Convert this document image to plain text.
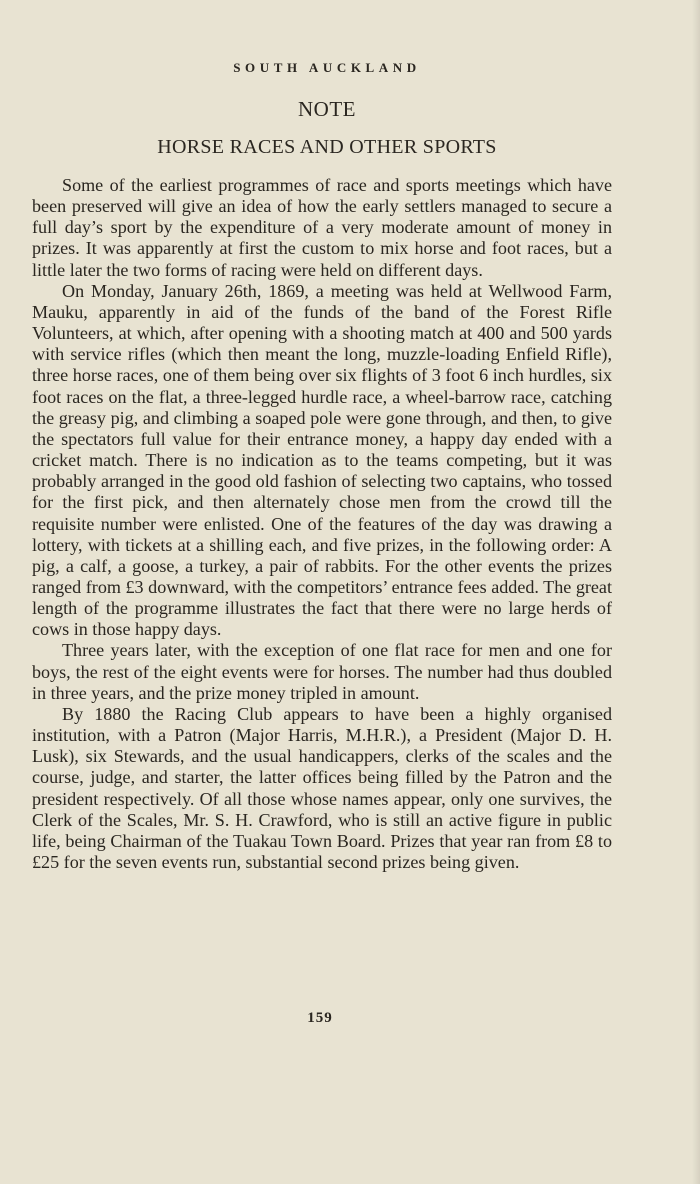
SOUTH AUCKLAND
NOTE
HORSE RACES AND OTHER SPORTS

Some of the earliest programmes of race and sports meetings which have been preserved will give an idea of how the early settlers managed to secure a full day’s sport by the expenditure of a very moderate amount of money in prizes. It was apparently at first the custom to mix horse and foot races, but a little later the two forms of racing were held on different days.

On Monday, January 26th, 1869, a meeting was held at Wellwood Farm, Mauku, apparently in aid of the funds of the band of the Forest Rifle Volunteers, at which, after opening with a shooting match at 400 and 500 yards with service rifles (which then meant the long, muzzle-loading Enfield Rifle), three horse races, one of them being over six flights of 3 foot 6 inch hurdles, six foot races on the flat, a three-legged hurdle race, a wheel-barrow race, catching the greasy pig, and climbing a soaped pole were gone through, and then, to give the spectators full value for their entrance money, a happy day ended with a cricket match. There is no indication as to the teams competing, but it was probably arranged in the good old fashion of selecting two captains, who tossed for the first pick, and then alternately chose men from the crowd till the requisite number were enlisted. One of the features of the day was drawing a lottery, with tickets at a shilling each, and five prizes, in the following order: A pig, a calf, a goose, a turkey, a pair of rabbits. For the other events the prizes ranged from £3 downward, with the competitors’ entrance fees added. The great length of the programme illustrates the fact that there were no large herds of cows in those happy days.

Three years later, with the exception of one flat race for men and one for boys, the rest of the eight events were for horses. The number had thus doubled in three years, and the prize money tripled in amount.

By 1880 the Racing Club appears to have been a highly organised institution, with a Patron (Major Harris, M.H.R.), a President (Major D. H. Lusk), six Stewards, and the usual handicappers, clerks of the scales and the course, judge, and starter, the latter offices being filled by the Patron and the president respectively. Of all those whose names appear, only one survives, the Clerk of the Scales, Mr. S. H. Crawford, who is still an active figure in public life, being Chairman of the Tuakau Town Board. Prizes that year ran from £8 to £25 for the seven events run, substantial second prizes being given.

159
